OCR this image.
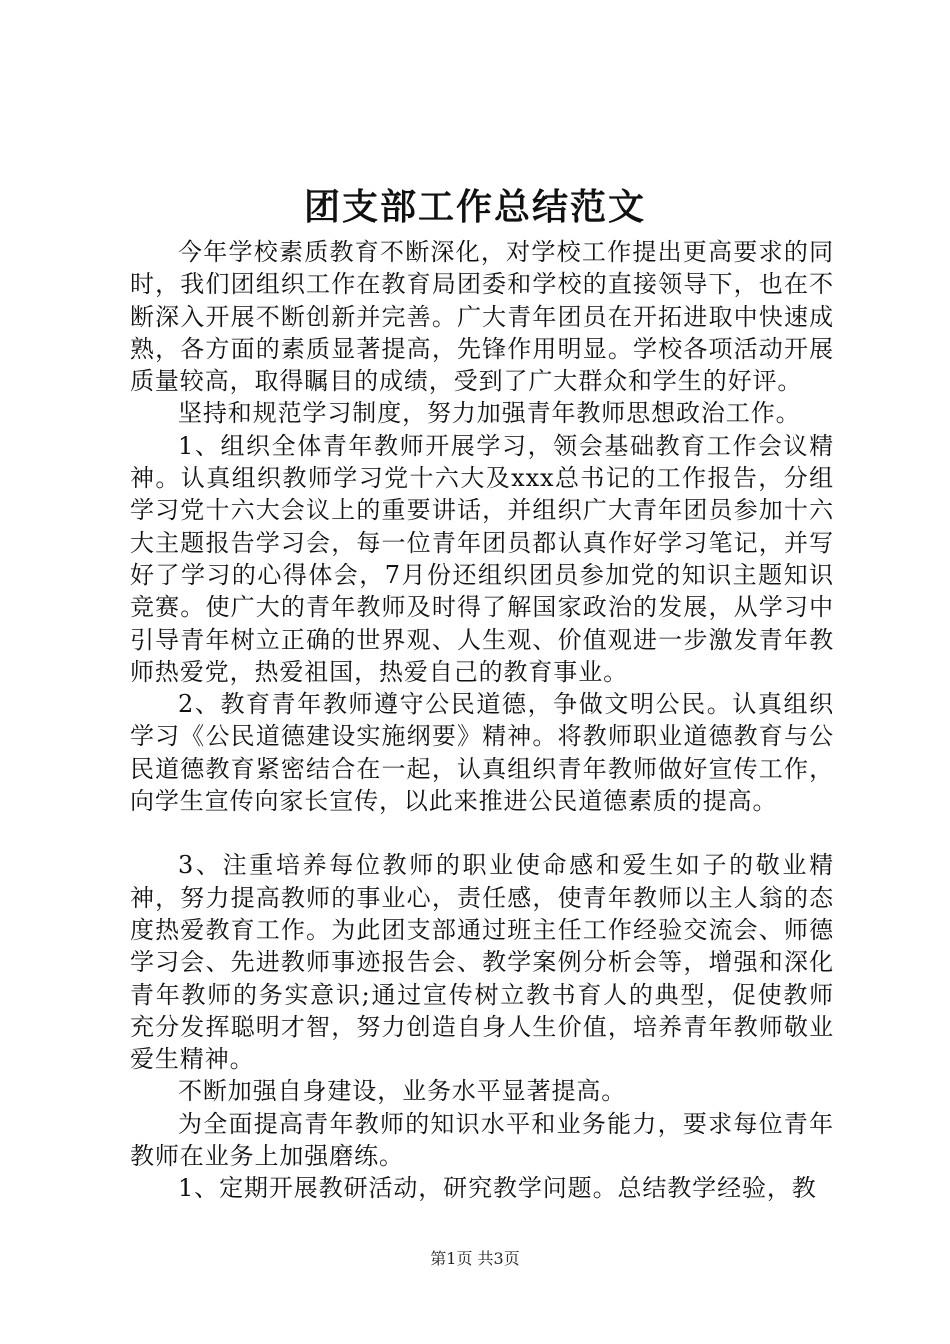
团支部工作总结范文

今年学校素质教育不断深化，对学校工作提出更高要求的同时，我们团组织工作在教育局团委和学校的直接领导下，也在不断深入开展不断创新并完善。广大青年团员在开拓进取中快速成熟，各方面的素质显著提高，先锋作用明显。学校各项活动开展质量较高，取得瞩目的成绩，受到了广大群众和学生的好评。

坚持和规范学习制度，努力加强青年教师思想政治工作。

1、组织全体青年教师开展学习，领会基础教育工作会议精神。认真组织教师学习党十六大及xxx总书记的工作报告，分组学习党十六大会议上的重要讲话，并组织广大青年团员参加十六大主题报告学习会，每一位青年团员都认真作好学习笔记，并写好了学习的心得体会，7月份还组织团员参加党的知识主题知识竞赛。使广大的青年教师及时得了解国家政治的发展，从学习中引导青年树立正确的世界观、人生观、价值观进一步激发青年教师热爱党，热爱祖国，热爱自己的教育事业。

2、教育青年教师遵守公民道德，争做文明公民。认真组织学习《公民道德建设实施纲要》精神。将教师职业道德教育与公民道德教育紧密结合在一起，认真组织青年教师做好宣传工作，向学生宣传向家长宣传，以此来推进公民道德素质的提高。

3、注重培养每位教师的职业使命感和爱生如子的敬业精神，努力提高教师的事业心，责任感，使青年教师以主人翁的态度热爱教育工作。为此团支部通过班主任工作经验交流会、师德学习会、先进教师事迹报告会、教学案例分析会等，增强和深化青年教师的务实意识;通过宣传树立教书育人的典型，促使教师充分发挥聪明才智，努力创造自身人生价值，培养青年教师敬业爱生精神。

不断加强自身建设，业务水平显著提高。

为全面提高青年教师的知识水平和业务能力，要求每位青年教师在业务上加强磨练。

1、定期开展教研活动，研究教学问题。总结教学经验，教

第1页 共3页
